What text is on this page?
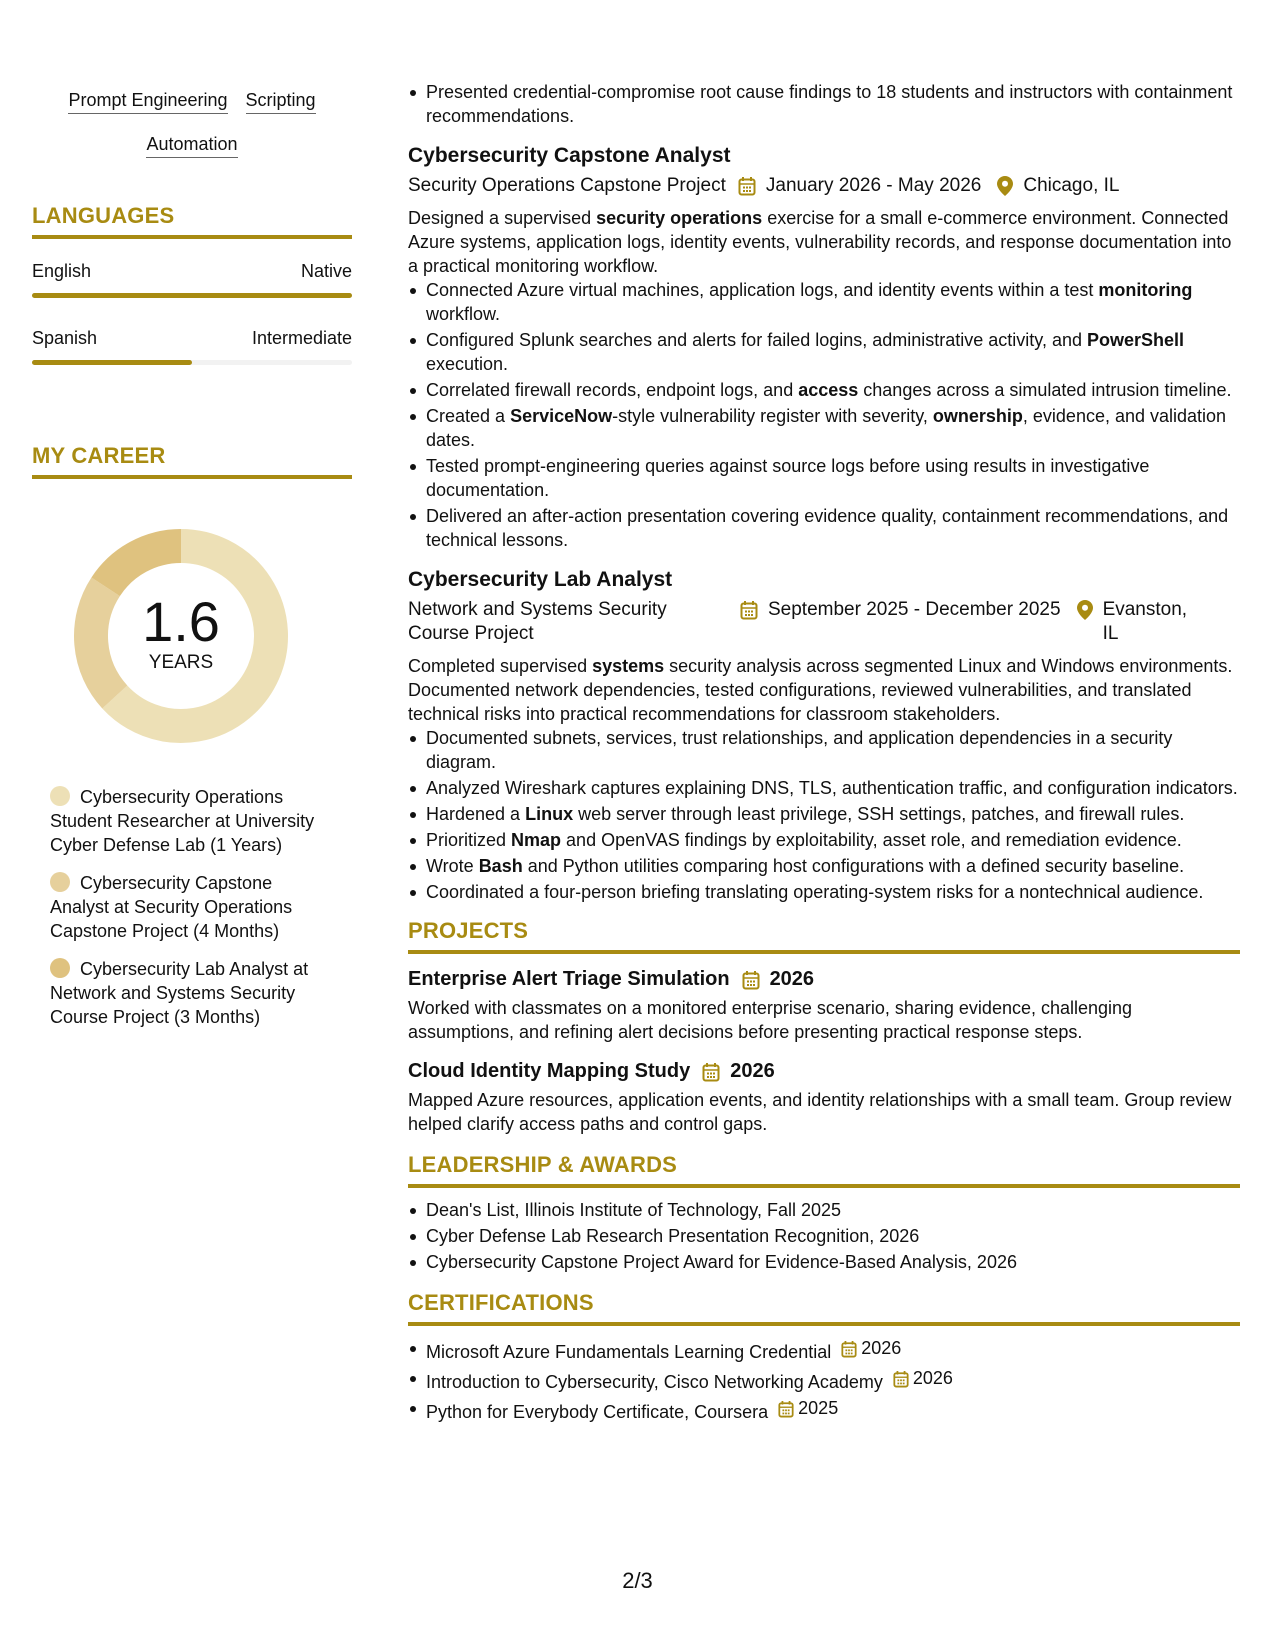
Prompt Engineering Scripting
Automation
LANGUAGES
English	Native
Spanish	Intermediate
MY CAREER
1.6
YEARS
Cybersecurity Operations Student Researcher at University Cyber Defense Lab (1 Years)
Cybersecurity Capstone Analyst at Security Operations Capstone Project (4 Months)
Cybersecurity Lab Analyst at Network and Systems Security Course Project (3 Months)
Presented credential-compromise root cause findings to 18 students and instructors with containment recommendations.
Cybersecurity Capstone Analyst
Security Operations Capstone Project January 2026 - May 2026 Chicago, IL
Designed a supervised security operations exercise for a small e-commerce environment. Connected Azure systems, application logs, identity events, vulnerability records, and response documentation into a practical monitoring workflow.
Connected Azure virtual machines, application logs, and identity events within a test monitoring workflow.
Configured Splunk searches and alerts for failed logins, administrative activity, and PowerShell execution.
Correlated firewall records, endpoint logs, and access changes across a simulated intrusion timeline.
Created a ServiceNow-style vulnerability register with severity, ownership, evidence, and validation dates.
Tested prompt-engineering queries against source logs before using results in investigative documentation.
Delivered an after-action presentation covering evidence quality, containment recommendations, and technical lessons.
Cybersecurity Lab Analyst
Network and Systems Security Course Project
September 2025 - December 2025 Evanston, IL
Completed supervised systems security analysis across segmented Linux and Windows environments. Documented network dependencies, tested configurations, reviewed vulnerabilities, and translated technical risks into practical recommendations for classroom stakeholders.
Documented subnets, services, trust relationships, and application dependencies in a security diagram.
Analyzed Wireshark captures explaining DNS, TLS, authentication traffic, and configuration indicators.
Hardened a Linux web server through least privilege, SSH settings, patches, and firewall rules.
Prioritized Nmap and OpenVAS findings by exploitability, asset role, and remediation evidence.
Wrote Bash and Python utilities comparing host configurations with a defined security baseline.
Coordinated a four-person briefing translating operating-system risks for a nontechnical audience.
PROJECTS
Enterprise Alert Triage Simulation 2026
Worked with classmates on a monitored enterprise scenario, sharing evidence, challenging assumptions, and refining alert decisions before presenting practical response steps.
Cloud Identity Mapping Study 2026
Mapped Azure resources, application events, and identity relationships with a small team. Group review helped clarify access paths and control gaps.
LEADERSHIP & AWARDS
Dean's List, Illinois Institute of Technology, Fall 2025
Cyber Defense Lab Research Presentation Recognition, 2026
Cybersecurity Capstone Project Award for Evidence-Based Analysis, 2026
CERTIFICATIONS
Microsoft Azure Fundamentals Learning Credential 2026
Introduction to Cybersecurity, Cisco Networking Academy 2026
Python for Everybody Certificate, Coursera 2025
2/3
